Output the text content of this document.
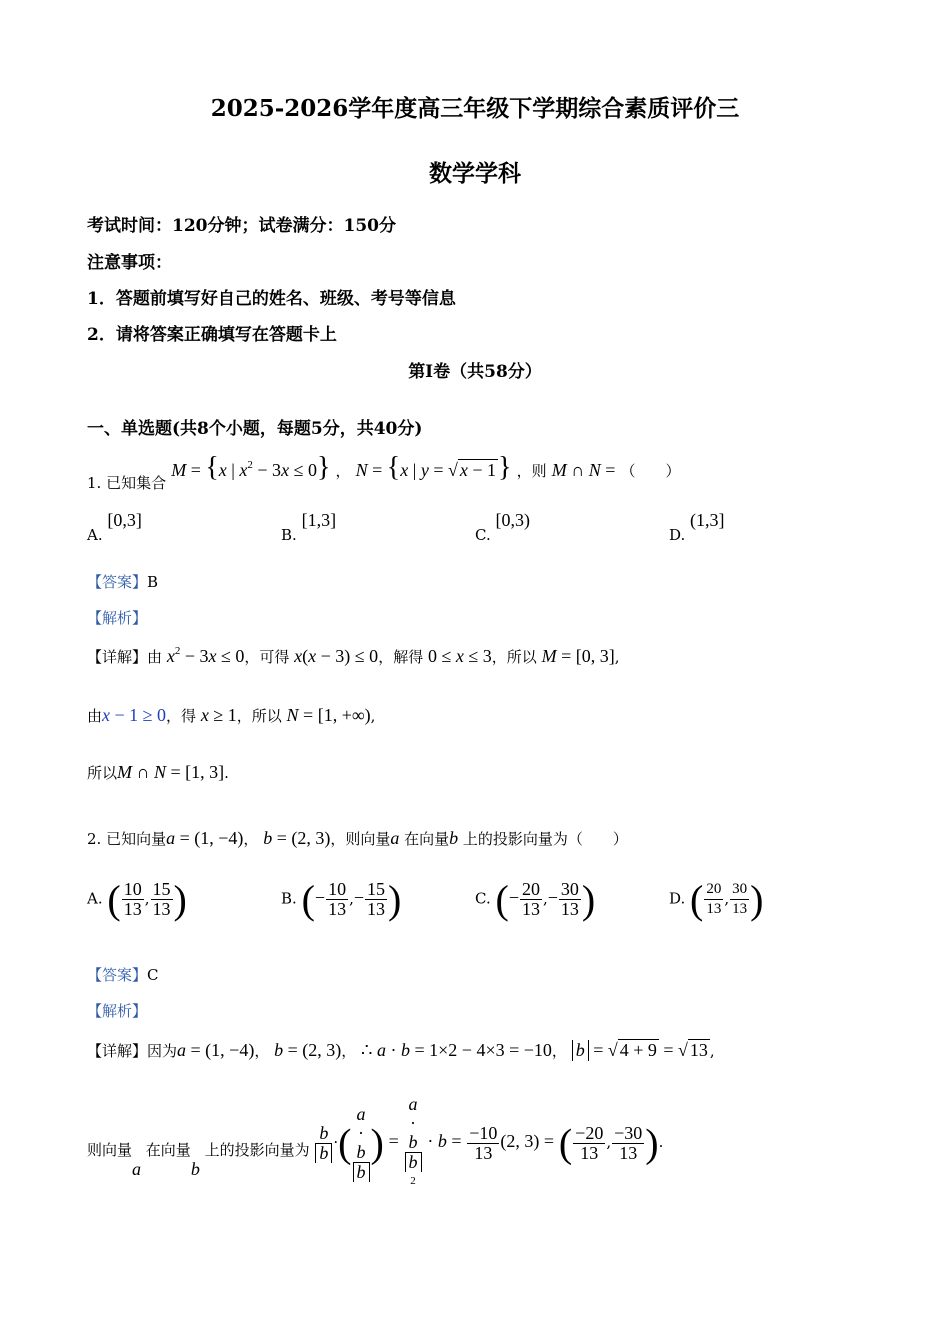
2025-2026学年度高三年级下学期综合素质评价三
数学学科
考试时间：120分钟；试卷满分：150分
注意事项：
1．答题前填写好自己的姓名、班级、考号等信息
2．请将答案正确填写在答题卡上
第Ⅰ卷（共58分）
一、单选题(共8个小题，每题5分，共40分)
1. 已知集合 M = {x | $x^2 - 3x \le 0$} ， N = {x | y = √ x − 1} ，则 M ∩ N = （　　）
A. [0,3]
B. [1,3]
C. [0,3)
D. (1,3]
【答案】B
【解析】
【详解】由 $x^2 - 3x \le 0$，可得 x(x − 3) ≤ 0，解得 0 ≤ x ≤ 3，所以 M = [0, 3],
由x − 1 ≥ 0，得 x ≥ 1，所以 N = [1, +∞),
所以M ∩ N = [1, 3].
2. 已知向量a = (1, −4)， b = (2, 3)，则向量a 在向量b 上的投影向量为（　　）
A. ( $\frac{10}{13}$ , $\frac{15}{13}$ )	B. (− $\frac{10}{13}$ ,− $\frac{15}{13}$ )	C. (− $\frac{20}{13}$ ,− $\frac{30}{13}$ )	D. ( $\frac{20}{13}$ , $\frac{30}{13}$ )
【答案】C
【解析】
【详解】因为a = (1, −4)， b = (2, 3)， ∴ a · b = 1×2 − 4×3 = −10， b = √ 4 + 9 = √ 13 ,
则向量a 在向量b 上的投影向量为 $\frac{b}{b}$ ·( a
·
b
b ) = a
·
b
b
$2 \cdot b = \frac{-10}{13} (2$, 3) = ( $\frac{-20}{13}$ , $\frac{-30}{13}$ ).
